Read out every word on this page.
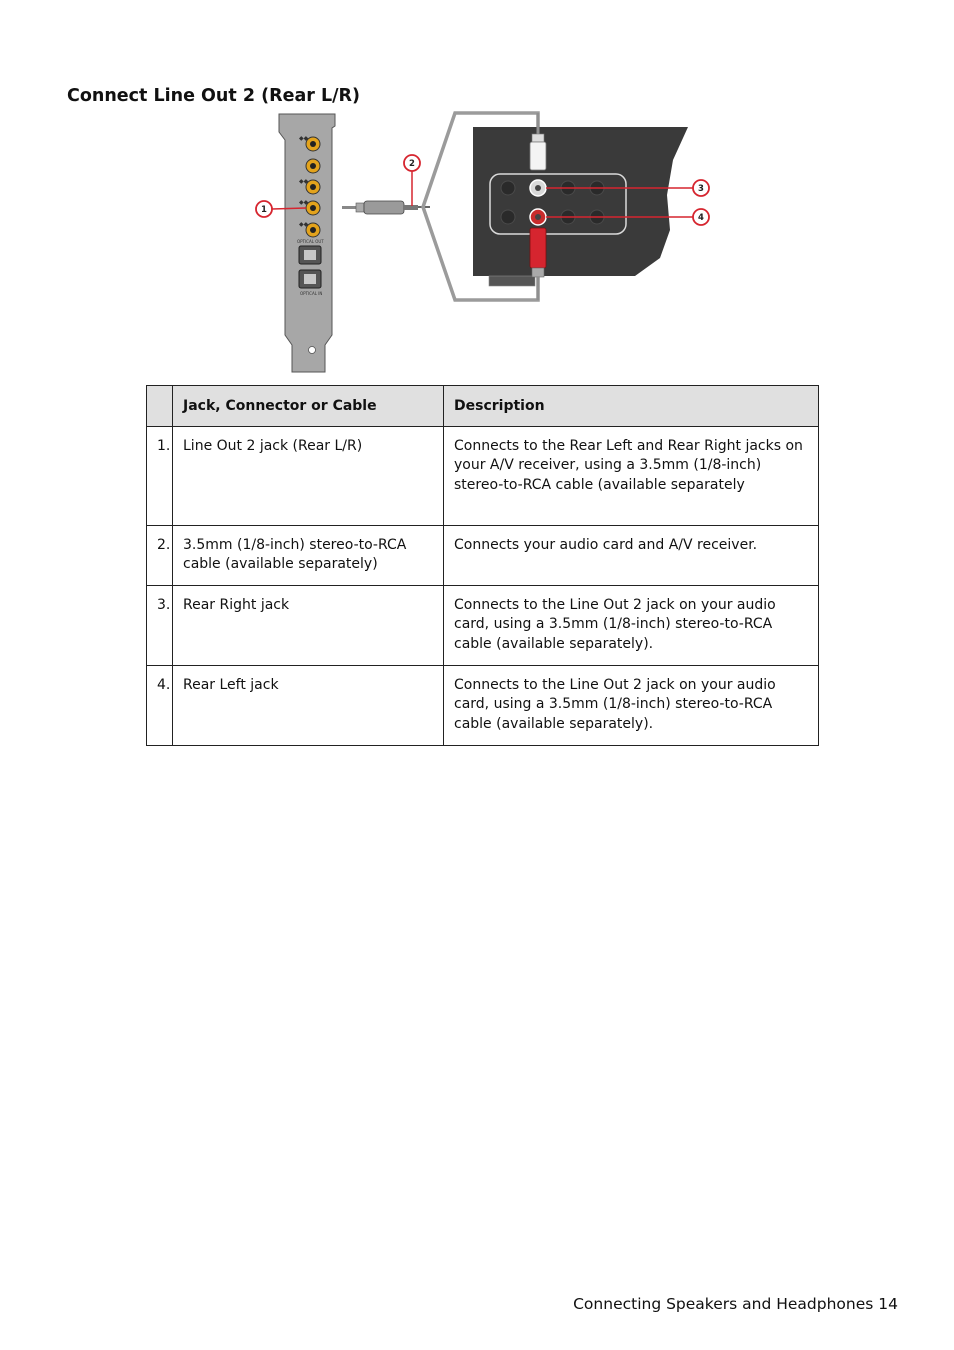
Connect Line Out 2 (Rear L/R)
◆◆
◆◆
◆◆
◆◆
OPTICAL OUT
OPTICAL IN
1
2
3
4
	Jack, Connector or Cable	Description
1.	Line Out 2 jack (Rear L/R)	Connects to the Rear Left and Rear Right jacks on your A/V receiver, using a 3.5mm (1/8-inch) stereo-to-RCA cable (available separately
2.	3.5mm (1/8-inch) stereo-to-RCA cable (available separately)	Connects your audio card and A/V receiver.
3.	Rear Right jack	Connects to the Line Out 2 jack on your audio card, using a 3.5mm (1/8-inch) stereo-to-RCA cable (available separately).
4.	Rear Left jack	Connects to the Line Out 2 jack on your audio card, using a 3.5mm (1/8-inch) stereo-to-RCA cable (available separately).
Connecting Speakers and Headphones 14
